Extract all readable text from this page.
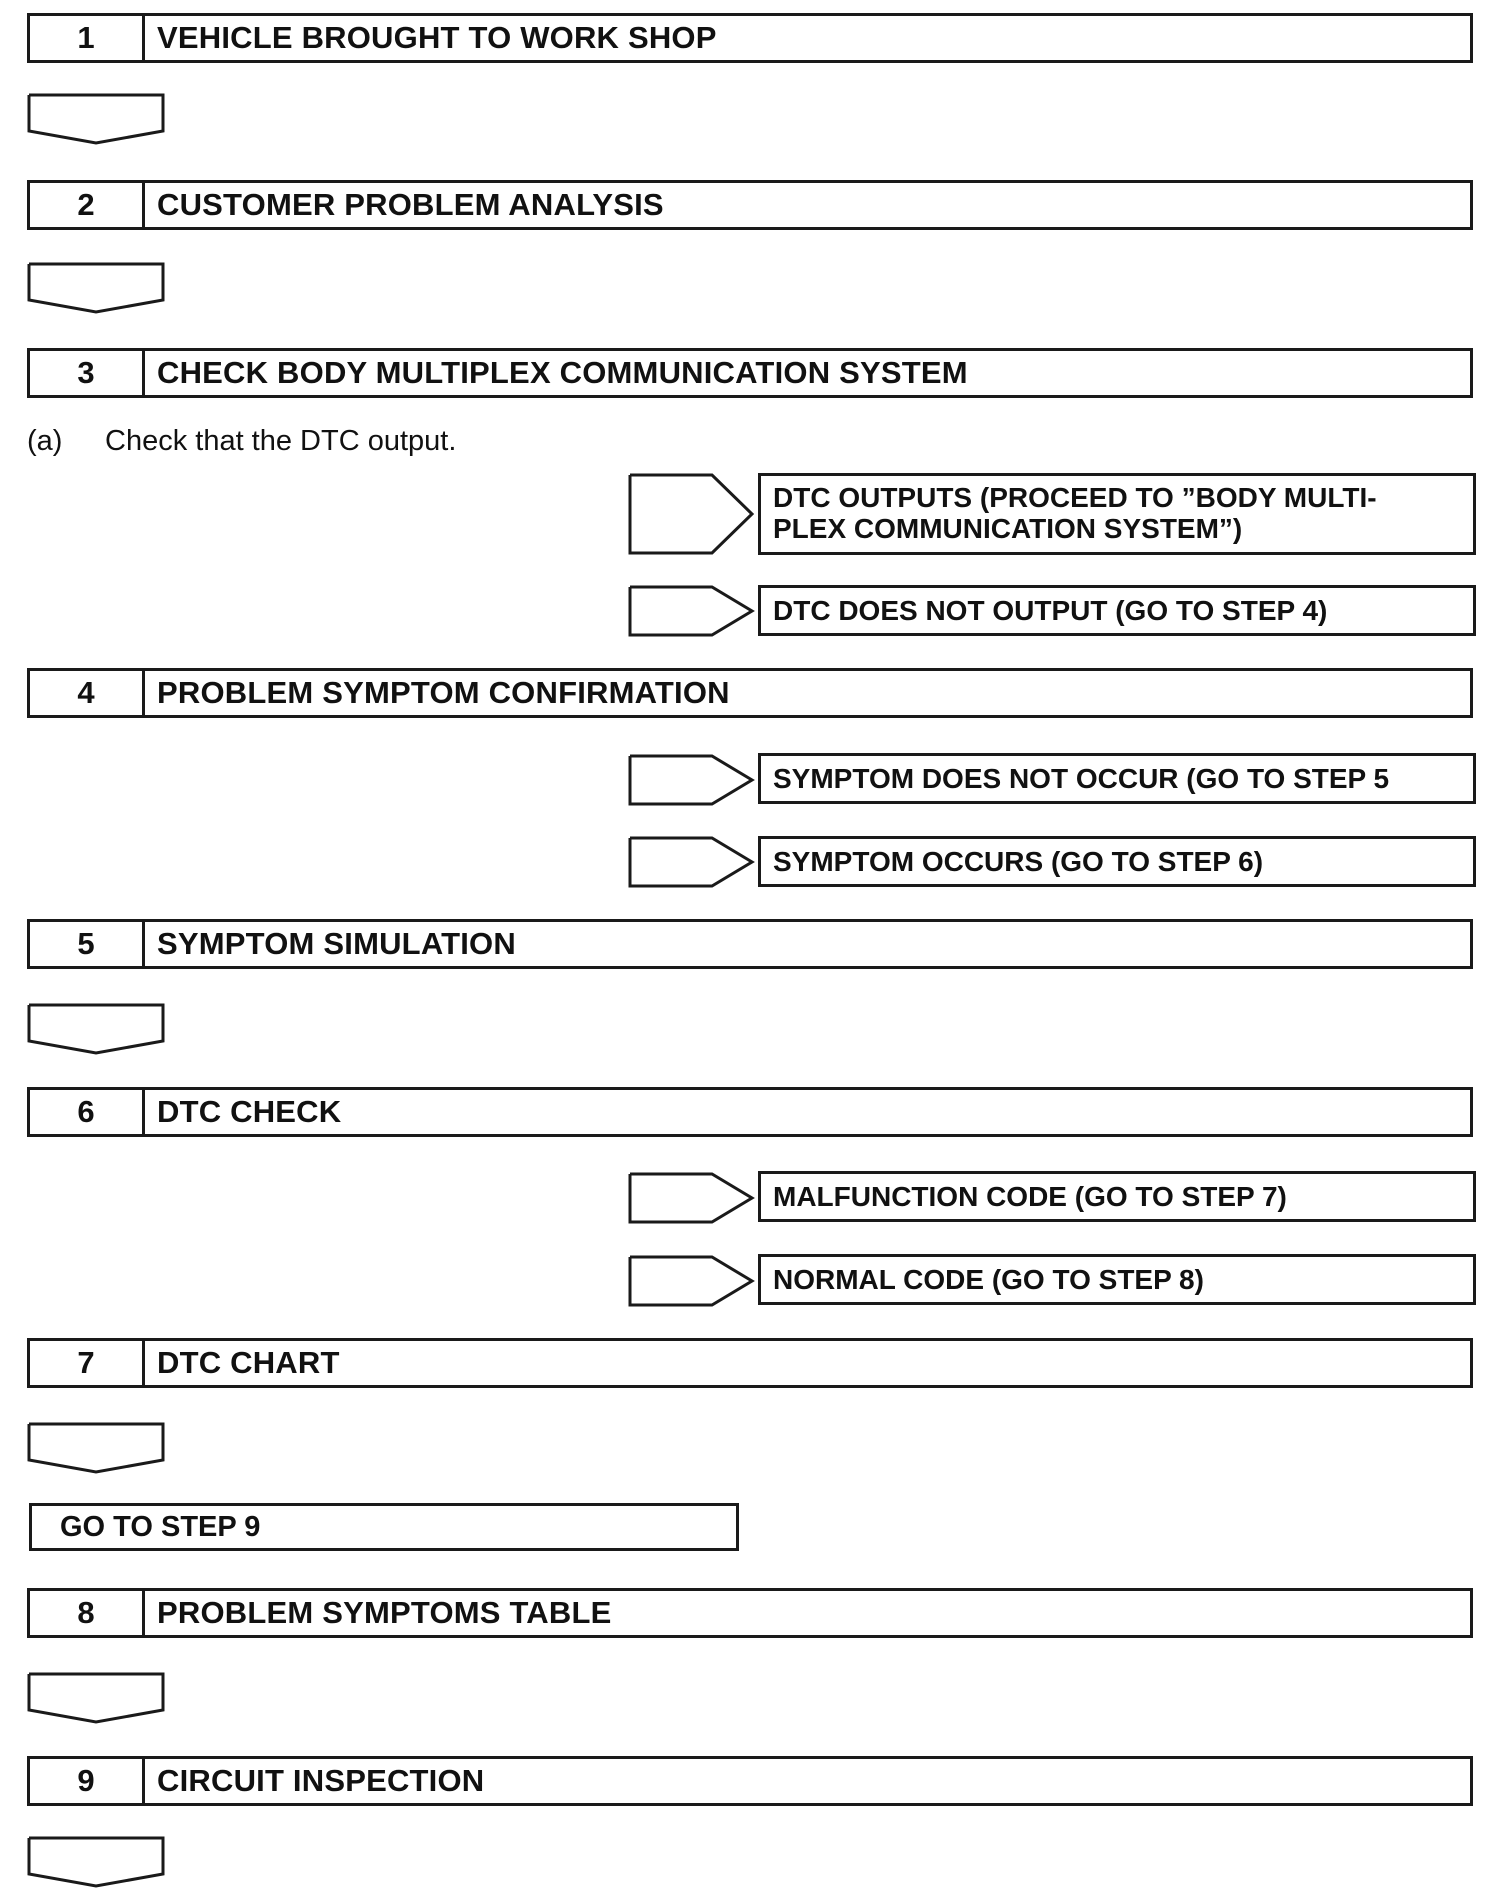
1	VEHICLE BROUGHT TO WORK SHOP
2	CUSTOMER PROBLEM ANALYSIS
3	CHECK BODY MULTIPLEX COMMUNICATION SYSTEM
(a)	Check that the DTC output.
DTC OUTPUTS (PROCEED TO ”BODY MULTI-
PLEX COMMUNICATION SYSTEM”)
DTC DOES NOT OUTPUT (GO TO STEP 4)
4	PROBLEM SYMPTOM CONFIRMATION
SYMPTOM DOES NOT OCCUR (GO TO STEP 5
SYMPTOM OCCURS (GO TO STEP 6)
5	SYMPTOM SIMULATION
6	DTC CHECK
MALFUNCTION CODE (GO TO STEP 7)
NORMAL CODE (GO TO STEP 8)
7	DTC CHART
GO TO STEP 9
8	PROBLEM SYMPTOMS TABLE
9	CIRCUIT INSPECTION
